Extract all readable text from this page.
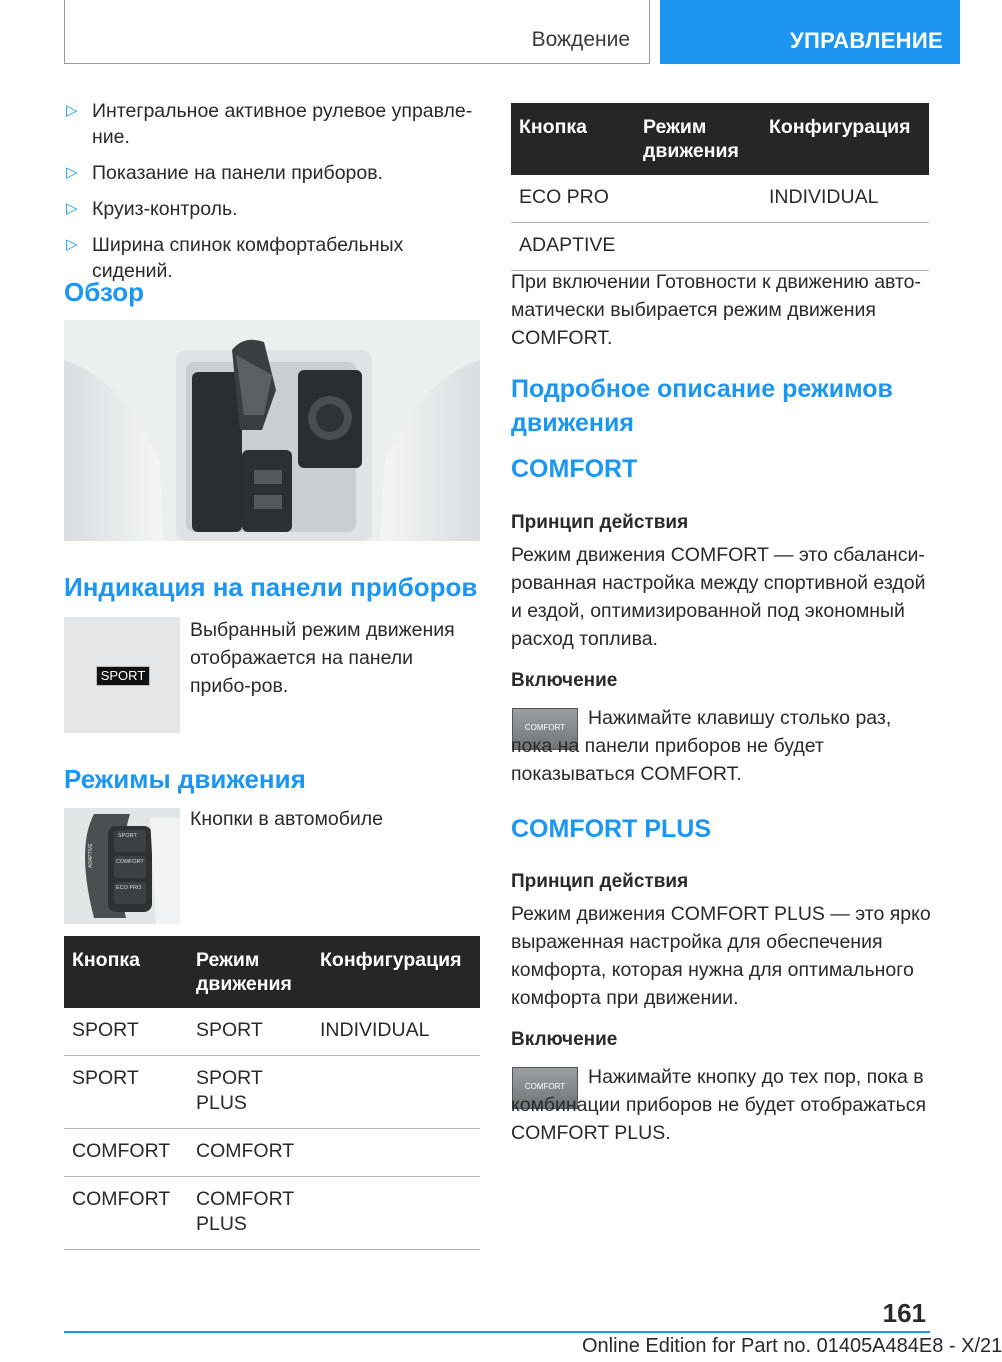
Вождение	УПРАВЛЕНИЕ
▷ Интегральное активное рулевое управле-ние.
▷ Показание на панели приборов.
▷ Круиз-контроль.
▷ Ширина спинок комфортабельных сидений.
Обзор
Индикация на панели приборов
SPORT

Выбранный режим движения отображается на панели прибо-ров.

Режимы движения
SPORT
COMFORT
ECO PRO
ADAPTIVE

Кнопки в автомобиле

Кнопка	Режим движения	Конфигурация
SPORT	SPORT	INDIVIDUAL
SPORT	SPORT PLUS	
COMFORT	COMFORT	
COMFORT	COMFORT PLUS	
Кнопка	Режим движения	Конфигурация
ECO PRO		INDIVIDUAL
ADAPTIVE		

При включении Готовности к движению авто-матически выбирается режим движения COMFORT.

Подробное описание режимов движения
COMFORT
Принцип действия

Режим движения COMFORT — это сбаланси-рованная настройка между спортивной ездой и ездой, оптимизированной под экономный расход топлива.

Включение
COMFORT	Нажимайте клавишу столько раз, пока на панели приборов не будет показываться COMFORT.

COMFORT PLUS
Принцип действия

Режим движения COMFORT PLUS — это ярко выраженная настройка для обеспечения комфорта, которая нужна для оптимального комфорта при движении.

Включение
COMFORT	Нажимайте кнопку до тех пор, пока в комбинации приборов не будет отображаться COMFORT PLUS.

161
Online Edition for Part no. 01405A484E8 - X/21
